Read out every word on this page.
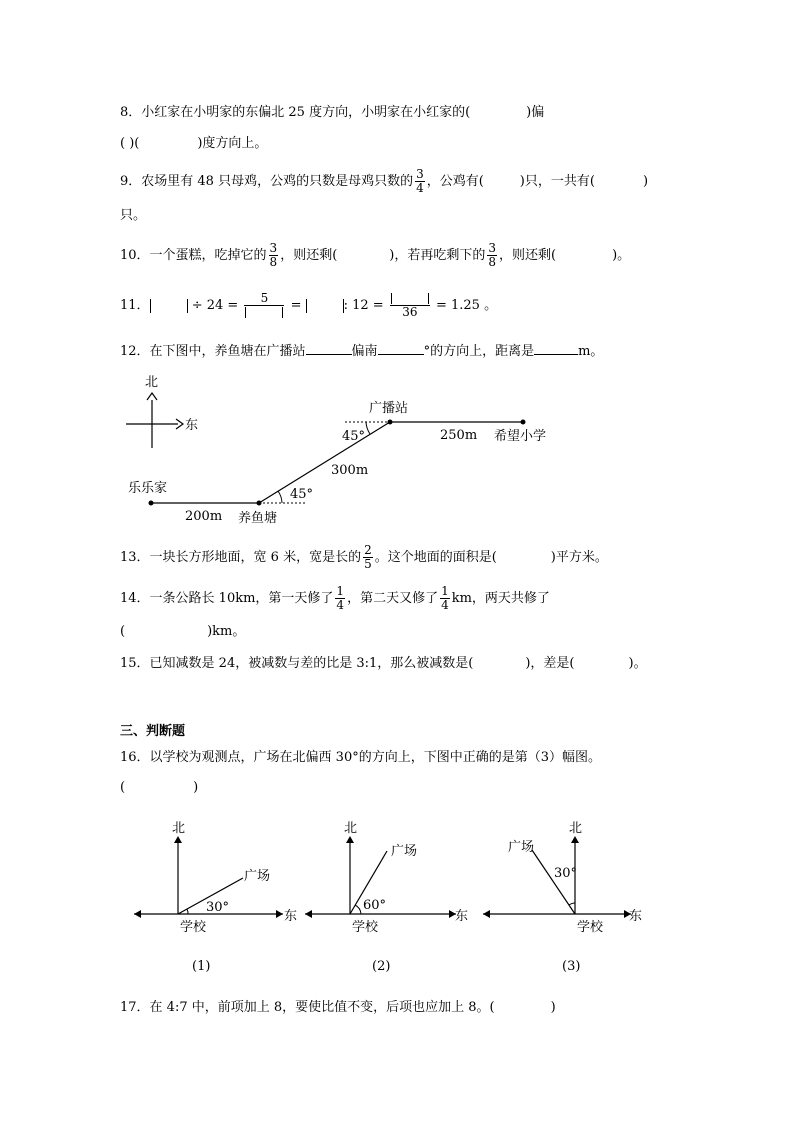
8．小红家在小明家的东偏北 25 度方向，小明家在小红家的(	)偏
( )(	)度方向上。
9．农场里有 48 只母鸡，公鸡的只数是母鸡只数的 $\frac{3}{4}$ ，公鸡有(	)只，一共有(	)
只。
10．一个蛋糕，吃掉它的 $\frac{3}{8}$ ，则还剩(	)，若再吃剩下的 $\frac{3}{8}$ ，则还剩(	)。
11．	÷ 24 =	5	=	: 12 =	36	= 1.25 。
12．在下图中，养鱼塘在广播站	偏南	°的方向上，距离是	m。
北
东
广播站
希望小学
250m
300m
200m
乐乐家
养鱼塘
45°
45°
13．一块长方形地面，宽 6 米，宽是长的 $\frac{2}{5}$ 。这个地面的面积是(	)平方米。
14．一条公路长 10km，第一天修了 $\frac{1}{4}$ ，第二天又修了 $\frac{1}{4}$ km，两天共修了
(	)km。
15．已知减数是 24，被减数与差的比是 3:1，那么被减数是(	)，差是(	)。
三、判断题
16．以学校为观测点，广场在北偏西 30°的方向上，下图中正确的是第（3）幅图。
(	)
北
东
广场
30°
学校
(1)
北
东
广场
60°
学校
(2)
北
东
广场
30°
学校
(3)
17．在 4:7 中，前项加上 8，要使比值不变，后项也应加上 8。(	)
